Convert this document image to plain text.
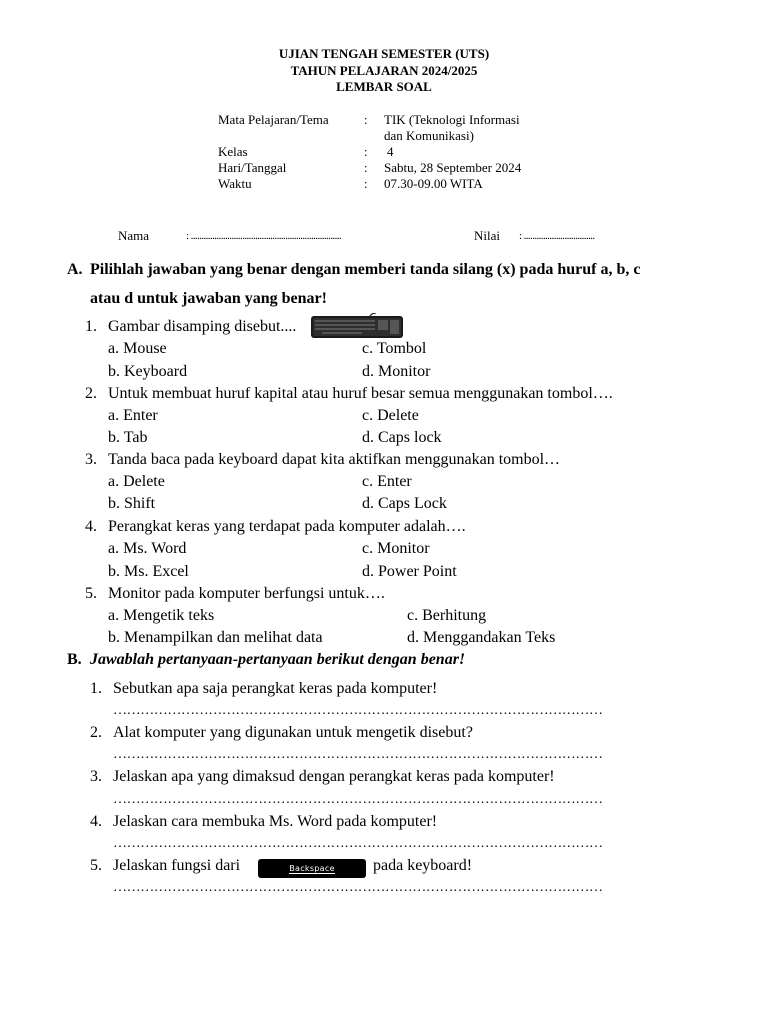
UJIAN TENGAH SEMESTER (UTS)
TAHUN PELAJARAN 2024/2025
LEMBAR SOAL
Mata Pelajaran/Tema	: TIK (Teknologi Informasi
dan Komunikasi)
Kelas	: 4
Hari/Tanggal	: Sabtu, 28 September 2024
Waktu	: 07.30-09.00 WITA
Nama	: ......................................................................	Nilai : .................................
A. Pilihlah jawaban yang benar dengan memberi tanda silang (x) pada huruf a, b, c
atau d untuk jawaban yang benar!
1. Gambar disamping disebut....
a. Mouse	c. Tombol
b. Keyboard	d. Monitor
2. Untuk membuat huruf kapital atau huruf besar semua menggunakan tombol….
a. Enter	c. Delete
b. Tab	d. Caps lock
3. Tanda baca pada keyboard dapat kita aktifkan menggunakan tombol…
a. Delete	c. Enter
b. Shift	d. Caps Lock
4. Perangkat keras yang terdapat pada komputer adalah….
a. Ms. Word	c. Monitor
b. Ms. Excel	d. Power Point
5. Monitor pada komputer berfungsi untuk….
a. Mengetik teks	c. Berhitung
b. Menampilkan dan melihat data	d. Menggandakan Teks
B. Jawablah pertanyaan-pertanyaan berikut dengan benar!
1. Sebutkan apa saja perangkat keras pada komputer!
………………………………………………………………………………………………
2. Alat komputer yang digunakan untuk mengetik disebut?
………………………………………………………………………………………………
3. Jelaskan apa yang dimaksud dengan perangkat keras pada komputer!
………………………………………………………………………………………………
4. Jelaskan cara membuka Ms. Word pada komputer!
………………………………………………………………………………………………
5. Jelaskan fungsi dari	Backspace pada keyboard!
………………………………………………………………………………………………
